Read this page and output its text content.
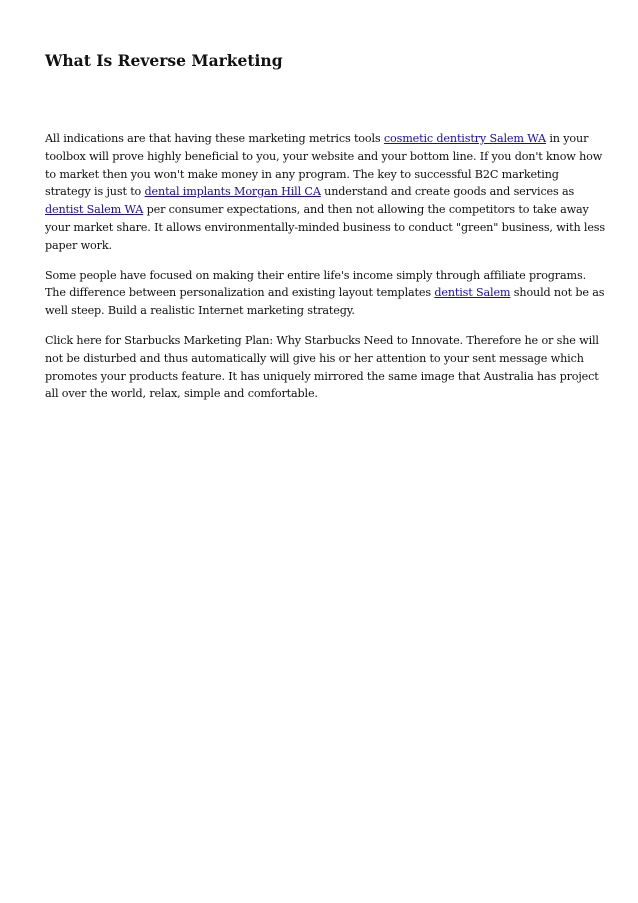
What Is Reverse Marketing

All indications are that having these marketing metrics tools cosmetic dentistry Salem WA in your
toolbox will prove highly beneficial to you, your website and your bottom line. If you don't know how
to market then you won't make money in any program. The key to successful B2C marketing
strategy is just to dental implants Morgan Hill CA understand and create goods and services as
dentist Salem WA per consumer expectations, and then not allowing the competitors to take away
your market share. It allows environmentally-minded business to conduct "green" business, with less
paper work.

Some people have focused on making their entire life's income simply through affiliate programs.
The difference between personalization and existing layout templates dentist Salem should not be as
well steep. Build a realistic Internet marketing strategy.

Click here for Starbucks Marketing Plan: Why Starbucks Need to Innovate. Therefore he or she will
not be disturbed and thus automatically will give his or her attention to your sent message which
promotes your products feature. It has uniquely mirrored the same image that Australia has project
all over the world, relax, simple and comfortable.
